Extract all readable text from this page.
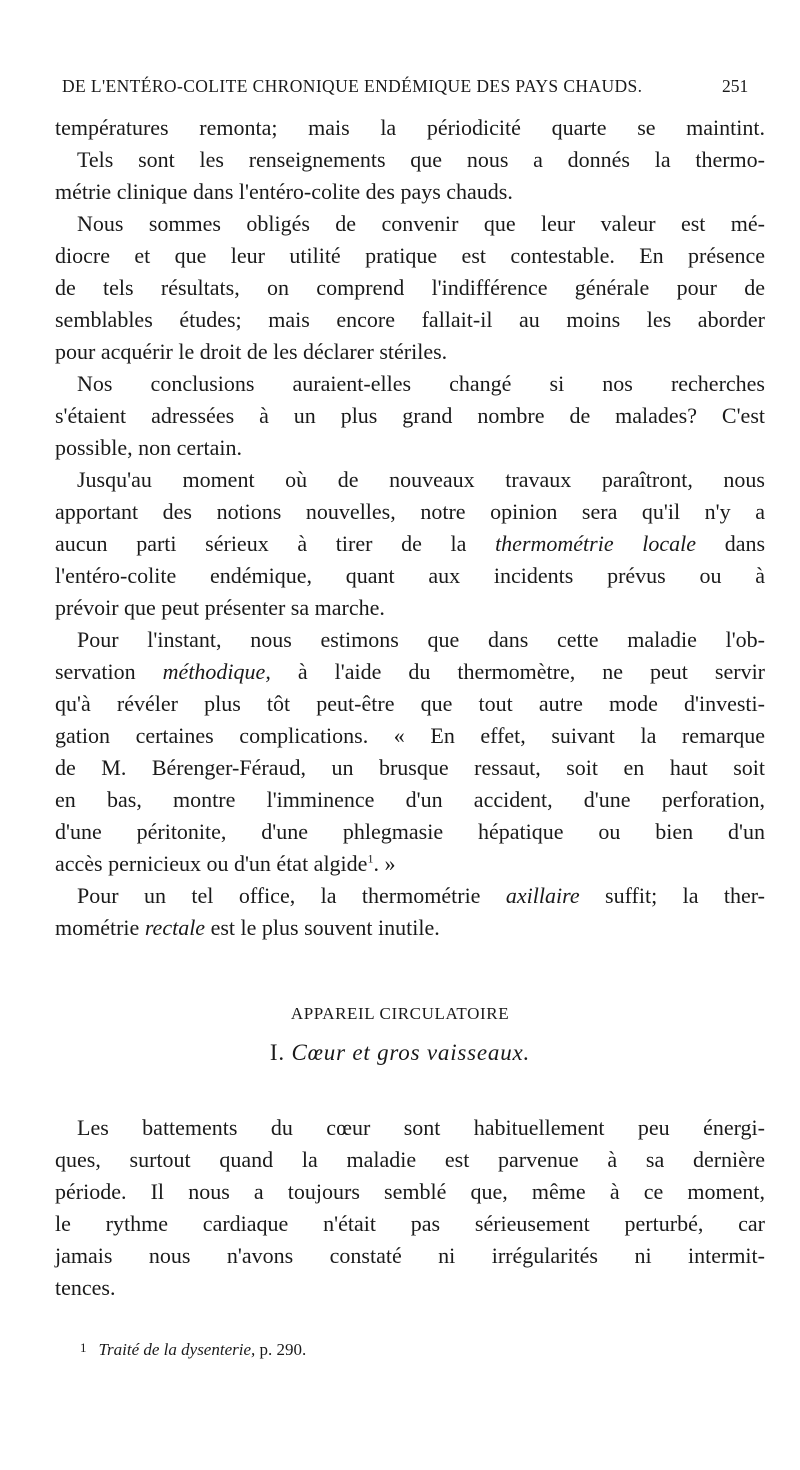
DE L'ENTÉRO-COLITE CHRONIQUE ENDÉMIQUE DES PAYS CHAUDS.	251
températures remonta; mais la périodicité quarte se maintint.
Tels sont les renseignements que nous a donnés la thermo-
métrie clinique dans l'entéro-colite des pays chauds.
Nous sommes obligés de convenir que leur valeur est mé-
diocre et que leur utilité pratique est contestable. En présence
de tels résultats, on comprend l'indifférence générale pour de
semblables études; mais encore fallait-il au moins les aborder
pour acquérir le droit de les déclarer stériles.
Nos conclusions auraient-elles changé si nos recherches
s'étaient adressées à un plus grand nombre de malades? C'est
possible, non certain.
Jusqu'au moment où de nouveaux travaux paraîtront, nous
apportant des notions nouvelles, notre opinion sera qu'il n'y a
aucun parti sérieux à tirer de la thermométrie locale dans
l'entéro-colite endémique, quant aux incidents prévus ou à
prévoir que peut présenter sa marche.
Pour l'instant, nous estimons que dans cette maladie l'ob-
servation méthodique, à l'aide du thermomètre, ne peut servir
qu'à révéler plus tôt peut-être que tout autre mode d'investi-
gation certaines complications. « En effet, suivant la remarque
de M. Bérenger-Féraud, un brusque ressaut, soit en haut soit
en bas, montre l'imminence d'un accident, d'une perforation,
d'une péritonite, d'une phlegmasie hépatique ou bien d'un
accès pernicieux ou d'un état algide$^1$. »
Pour un tel office, la thermométrie axillaire suffit; la ther-
mométrie rectale est le plus souvent inutile.
APPAREIL CIRCULATOIRE
I. Cœur et gros vaisseaux.
Les battements du cœur sont habituellement peu énergi-
ques, surtout quand la maladie est parvenue à sa dernière
période. Il nous a toujours semblé que, même à ce moment,
le rythme cardiaque n'était pas sérieusement perturbé, car
jamais nous n'avons constaté ni irrégularités ni intermit-
tences.
$^1$ Traité de la dysenterie, p. 290.
